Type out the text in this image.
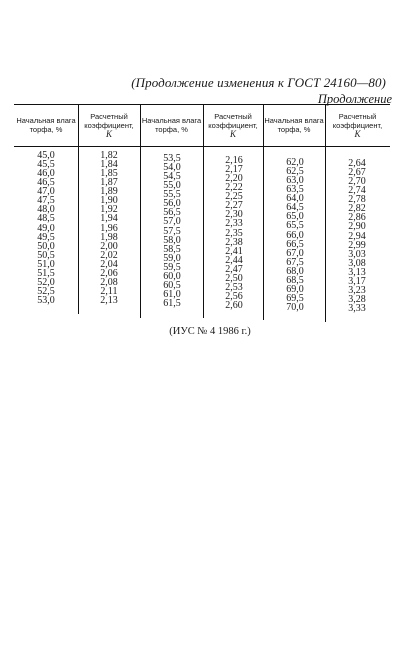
(Продолжение изменения к ГОСТ 24160—80)
Продолжение
Начальная влага торфа, %
Расчетный коэффициент,
К
Начальная влага торфа, %
Расчетный коэффициент,
К
Начальная влага торфа, %
Расчетный коэффициент,
К
45,0
45,5
46,0
46,5
47,0
47,5
48,0
48,5
49,0
49,5
50,0
50,5
51,0
51,5
52,0
52,5
53,0
1,82
1,84
1,85
1,87
1,89
1,90
1,92
1,94
1,96
1,98
2,00
2,02
2,04
2,06
2,08
2,11
2,13
53,5
54,0
54,5
55,0
55,5
56,0
56,5
57,0
57,5
58,0
58,5
59,0
59,5
60,0
60,5
61,0
61,5
2,16
2,17
2,20
2,22
2,25
2,27
2,30
2,33
2,35
2,38
2,41
2,44
2,47
2,50
2,53
2,56
2,60
62,0
62,5
63,0
63,5
64,0
64,5
65,0
65,5
66,0
66,5
67,0
67,5
68,0
68,5
69,0
69,5
70,0
2,64
2,67
2,70
2,74
2,78
2,82
2,86
2,90
2,94
2,99
3,03
3,08
3,13
3,17
3,23
3,28
3,33
(ИУС № 4 1986 г.)
